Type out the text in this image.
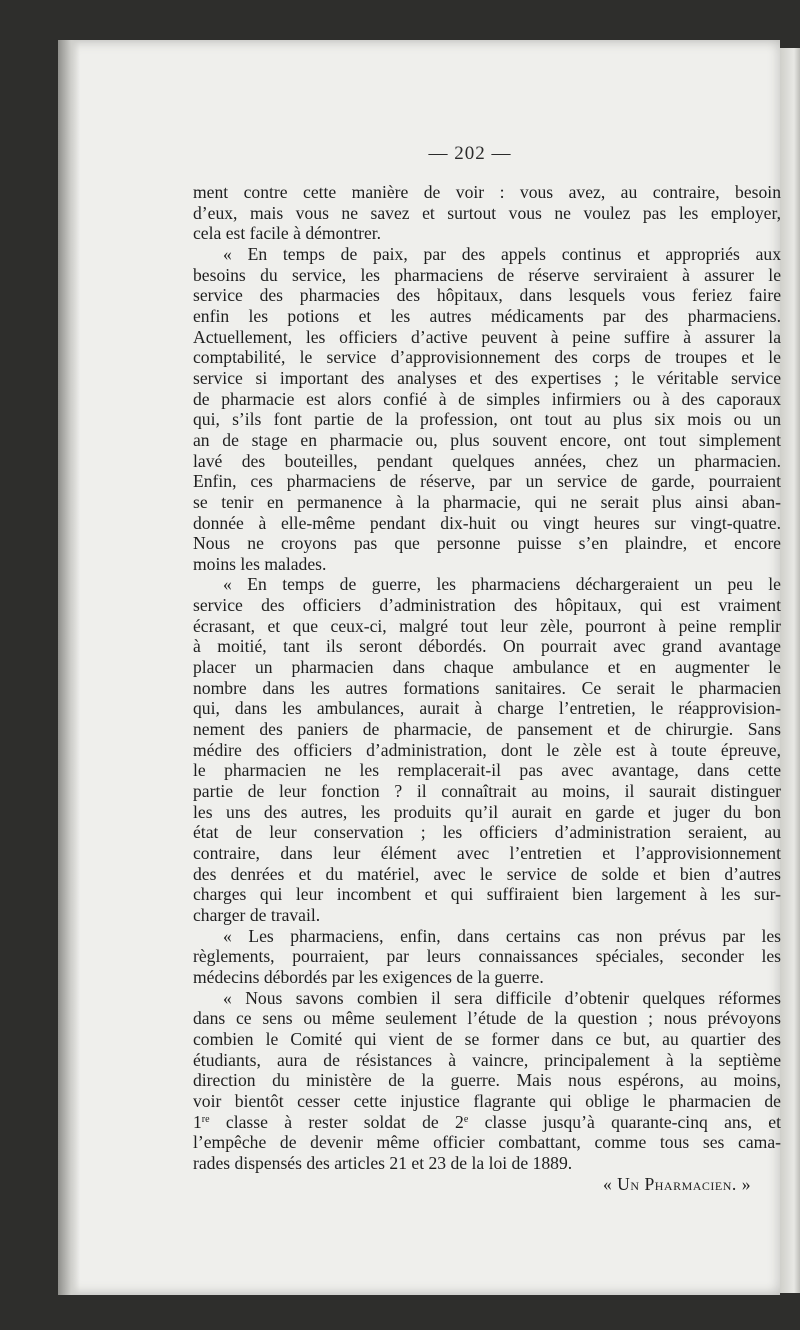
— 202 —
ment contre cette manière de voir : vous avez, au contraire, besoin
d’eux, mais vous ne savez et surtout vous ne voulez pas les employer,
cela est facile à démontrer.
« En temps de paix, par des appels continus et appropriés aux
besoins du service, les pharmaciens de réserve serviraient à assurer le
service des pharmacies des hôpitaux, dans lesquels vous feriez faire
enfin les potions et les autres médicaments par des pharmaciens.
Actuellement, les officiers d’active peuvent à peine suffire à assurer la
comptabilité, le service d’approvisionnement des corps de troupes et le
service si important des analyses et des expertises ; le véritable service
de pharmacie est alors confié à de simples infirmiers ou à des caporaux
qui, s’ils font partie de la profession, ont tout au plus six mois ou un
an de stage en pharmacie ou, plus souvent encore, ont tout simplement
lavé des bouteilles, pendant quelques années, chez un pharmacien.
Enfin, ces pharmaciens de réserve, par un service de garde, pourraient
se tenir en permanence à la pharmacie, qui ne serait plus ainsi aban-
donnée à elle-même pendant dix-huit ou vingt heures sur vingt-quatre.
Nous ne croyons pas que personne puisse s’en plaindre, et encore
moins les malades.
« En temps de guerre, les pharmaciens déchargeraient un peu le
service des officiers d’administration des hôpitaux, qui est vraiment
écrasant, et que ceux-ci, malgré tout leur zèle, pourront à peine remplir
à moitié, tant ils seront débordés. On pourrait avec grand avantage
placer un pharmacien dans chaque ambulance et en augmenter le
nombre dans les autres formations sanitaires. Ce serait le pharmacien
qui, dans les ambulances, aurait à charge l’entretien, le réapprovision-
nement des paniers de pharmacie, de pansement et de chirurgie. Sans
médire des officiers d’administration, dont le zèle est à toute épreuve,
le pharmacien ne les remplacerait-il pas avec avantage, dans cette
partie de leur fonction ? il connaîtrait au moins, il saurait distinguer
les uns des autres, les produits qu’il aurait en garde et juger du bon
état de leur conservation ; les officiers d’administration seraient, au
contraire, dans leur élément avec l’entretien et l’approvisionnement
des denrées et du matériel, avec le service de solde et bien d’autres
charges qui leur incombent et qui suffiraient bien largement à les sur-
charger de travail.
« Les pharmaciens, enfin, dans certains cas non prévus par les
règlements, pourraient, par leurs connaissances spéciales, seconder les
médecins débordés par les exigences de la guerre.
« Nous savons combien il sera difficile d’obtenir quelques réformes
dans ce sens ou même seulement l’étude de la question ; nous prévoyons
combien le Comité qui vient de se former dans ce but, au quartier des
étudiants, aura de résistances à vaincre, principalement à la septième
direction du ministère de la guerre. Mais nous espérons, au moins,
voir bientôt cesser cette injustice flagrante qui oblige le pharmacien de
1re classe à rester soldat de 2e classe jusqu’à quarante-cinq ans, et
l’empêche de devenir même officier combattant, comme tous ses cama-
rades dispensés des articles 21 et 23 de la loi de 1889.
« Un Pharmacien. »
